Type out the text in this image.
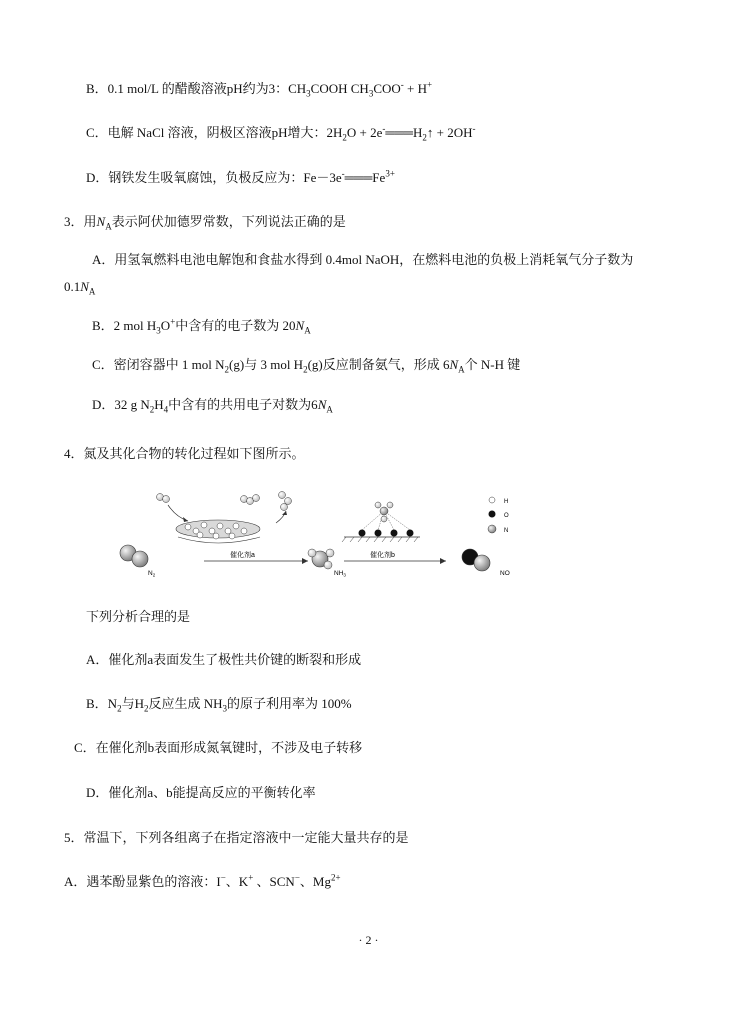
B．0.1 mol/L 的醋酸溶液pH约为3：$CH_3COOH$ $CH_3COO^- + H^+$
C．电解 NaCl 溶液，阴极区溶液pH增大：$2H_2O$ + $2e^-═══H_2↑ + 2OH^-$
D．钢铁发生吸氧腐蚀，负极反应为：$Fe-3e^-═══Fe^{3+}$
3．用$N_A$表示阿伏加德罗常数，下列说法正确的是
A．用氢氧燃料电池电解饱和食盐水得到 0.4mol NaOH，在燃料电池的负极上消耗氧气分子数为
$0.1N_A$
B．2 mol $H_3O^+$中含有的电子数为 $20N_A$
C．密闭容器中 1 mol $N_2(g)$与 3 mol $H_2(g)$反应制备氨气，形成 $6N_A$个 N-H 键
D．32 g $N_2H_4$中含有的共用电子对数为$6N_A$
4．氮及其化合物的转化过程如下图所示。
$N_2$
催化剂a
$NH_3$
催化剂b
NO
H
O
N
下列分析合理的是
A．催化剂a表面发生了极性共价键的断裂和形成
B．$N_2$与$H_2$反应生成 $NH_3$的原子利用率为 100%
C．在催化剂b表面形成氮氧键时，不涉及电子转移
D．催化剂a、b能提高反应的平衡转化率
5．常温下，下列各组离子在指定溶液中一定能大量共存的是
A．遇苯酚显紫色的溶液：I−、K+ 、SCN−、$Mg^{2+}$
· 2 ·
